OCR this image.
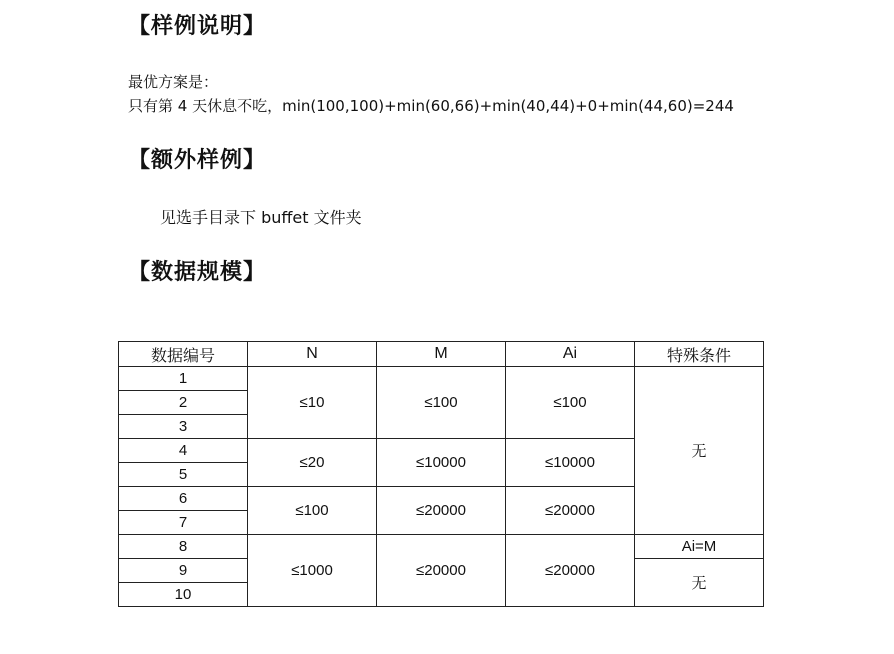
【样例说明】
最优方案是：
只有第 4 天休息不吃，min(100,100)+min(60,66)+min(40,44)+0+min(44,60)=244
【额外样例】
见选手目录下 buffet 文件夹
【数据规模】
数据编号	N	M	Ai	特殊条件
1	≤10	≤100	≤100	无
2				
3				
4	≤20	≤10000	≤10000	
5				
6	≤100	≤20000	≤20000	
7				
8	≤1000	≤20000	≤20000	Ai=M
9				无
10				
